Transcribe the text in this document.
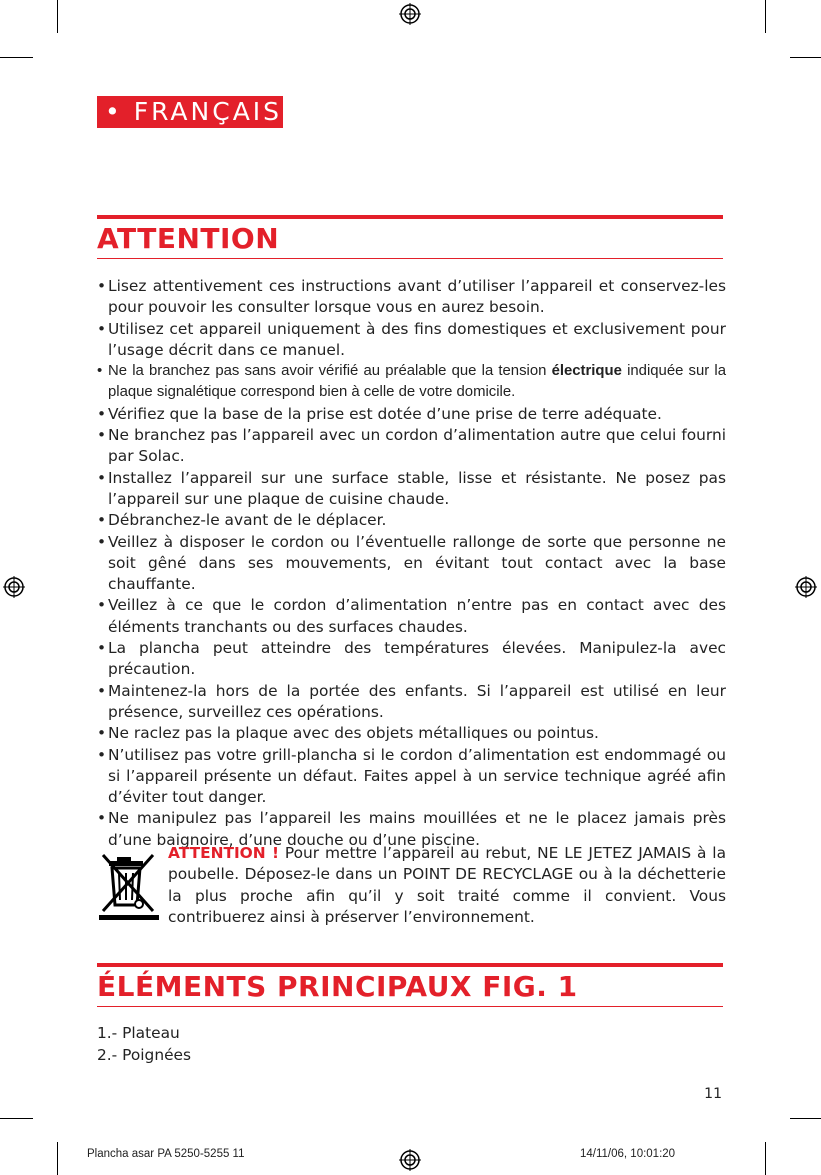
• FRANÇAISE
ATTENTION
• Lisez attentivement ces instructions avant d’utiliser l’appareil et conservez-les pour pouvoir les consulter lorsque vous en aurez besoin.
• Utilisez cet appareil uniquement à des fins domestiques et exclusivement pour l’usage décrit dans ce manuel.
• Ne la branchez pas sans avoir vérifié au préalable que la tension électrique indiquée sur la plaque signalétique correspond bien à celle de votre domicile.
• Vérifiez que la base de la prise est dotée d’une prise de terre adéquate.
• Ne branchez pas l’appareil avec un cordon d’alimentation autre que celui fourni par Solac.
• Installez l’appareil sur une surface stable, lisse et résistante. Ne posez pas l’appareil sur une plaque de cuisine chaude.
• Débranchez-le avant de le déplacer.
• Veillez à disposer le cordon ou l’éventuelle rallonge de sorte que personne ne soit gêné dans ses mouvements, en évitant tout contact avec la base chauffante.
• Veillez à ce que le cordon d’alimentation n’entre pas en contact avec des éléments tranchants ou des surfaces chaudes.
• La plancha peut atteindre des températures élevées. Manipulez-la avec précaution.
• Maintenez-la hors de la portée des enfants. Si l’appareil est utilisé en leur présence, surveillez ces opérations.
• Ne raclez pas la plaque avec des objets métalliques ou pointus.
• N’utilisez pas votre grill-plancha si le cordon d’alimentation est endommagé ou si l’appareil présente un défaut. Faites appel à un service technique agréé afin d’éviter tout danger.
• Ne manipulez pas l’appareil les mains mouillées et ne le placez jamais près d’une baignoire, d’une douche ou d’une piscine.

ATTENTION ! Pour mettre l’appareil au rebut, NE LE JETEZ JAMAIS à la poubelle. Déposez-le dans un POINT DE RECYCLAGE ou à la déchetterie la plus proche afin qu’il y soit traité comme il convient. Vous contribuerez ainsi à préserver l’environnement.

ÉLÉMENTS PRINCIPAUX FIG. 1
1.- Plateau
2.- Poignées
11
Plancha asar PA 5250-5255 11	14/11/06, 10:01:20
